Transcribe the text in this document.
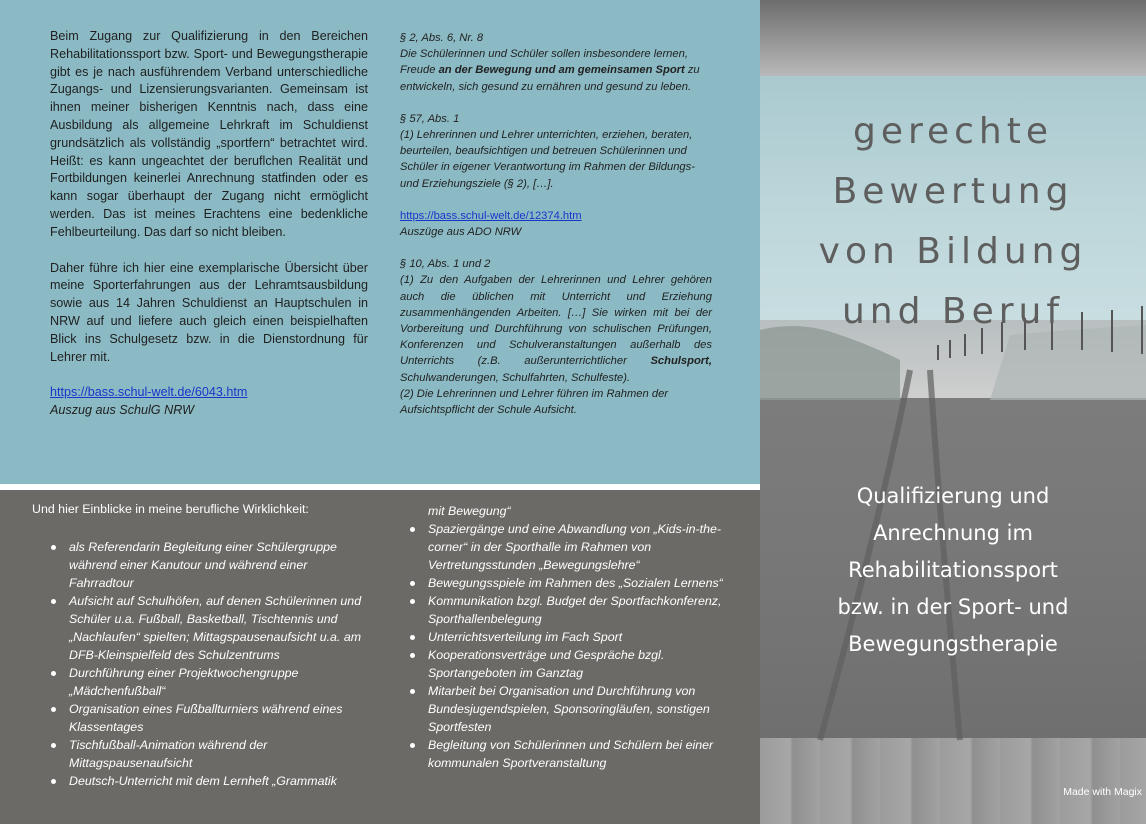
Beim Zugang zur Qualifizierung in den Bereichen Rehabilitationssport bzw. Sport- und Bewegungstherapie gibt es je nach ausführendem Verband unterschiedliche Zugangs- und Lizensierungsvarianten. Gemeinsam ist ihnen meiner bisherigen Kenntnis nach, dass eine Ausbildung als allgemeine Lehrkraft im Schuldienst grundsätzlich als vollständig „sportfern“ betrachtet wird. Heißt: es kann ungeachtet der beruflchen Realität und Fortbildungen keinerlei Anrechnung statfinden oder es kann sogar überhaupt der Zugang nicht ermöglicht werden. Das ist meines Erachtens eine bedenkliche Fehlbeurteilung. Das darf so nicht bleiben.

Daher führe ich hier eine exemplarische Übersicht über meine Sporterfahrungen aus der Lehramtsausbildung sowie aus 14 Jahren Schuldienst an Hauptschulen in NRW auf und liefere auch gleich einen beispielhaften Blick ins Schulgesetz bzw. in die Dienstordnung für Lehrer mit.

https://bass.schul-welt.de/6043.htm

Auszug aus SchulG NRW

§ 2, Abs. 6, Nr. 8

Die Schülerinnen und Schüler sollen insbesondere lernen, Freude an der Bewegung und am gemeinsamen Sport zu entwickeln, sich gesund zu ernähren und gesund zu leben.

§ 57, Abs. 1

(1) Lehrerinnen und Lehrer unterrichten, erziehen, beraten, beurteilen, beaufsichtigen und betreuen Schülerinnen und Schüler in eigener Verantwortung im Rahmen der Bildungs- und Erziehungsziele (§ 2), […].

https://bass.schul-welt.de/12374.htm

Auszüge aus ADO NRW

§ 10, Abs. 1 und 2

(1) Zu den Aufgaben der Lehrerinnen und Lehrer gehören auch die üblichen mit Unterricht und Erziehung zusammenhängenden Arbeiten. […] Sie wirken mit bei der Vorbereitung und Durchführung von schulischen Prüfungen, Konferenzen und Schulveranstaltungen außerhalb des Unterrichts (z.B. außerunterrichtlicher Schulsport, Schulwanderungen, Schulfahrten, Schulfeste).

(2) Die Lehrerinnen und Lehrer führen im Rahmen der Aufsichtspflicht der Schule Aufsicht.

Und hier Einblicke in meine berufliche Wirklichkeit:
als Referendarin Begleitung einer Schülergruppe während einer Kanutour und während einer Fahrradtour
Aufsicht auf Schulhöfen, auf denen Schülerinnen und Schüler u.a. Fußball, Basketball, Tischtennis und „Nachlaufen“ spielten; Mittagspausenaufsicht u.a. am DFB-Kleinspielfeld des Schulzentrums
Durchführung einer Projektwochengruppe „Mädchenfußball“
Organisation eines Fußballturniers während eines Klassentages
Tischfußball-Animation während der Mittagspausenaufsicht
Deutsch-Unterricht mit dem Lernheft „Grammatik
mit Bewegung“
Spaziergänge und eine Abwandlung von „Kids-in-the-corner“ in der Sporthalle im Rahmen von Vertretungsstunden „Bewegungslehre“
Bewegungsspiele im Rahmen des „Sozialen Lernens“
Kommunikation bzgl. Budget der Sportfachkonferenz, Sporthallenbelegung
Unterrichtsverteilung im Fach Sport
Kooperationsverträge und Gespräche bzgl. Sportangeboten im Ganztag
Mitarbeit bei Organisation und Durchführung von Bundesjugendspielen, Sponsoringläufen, sonstigen Sportfesten
Begleitung von Schülerinnen und Schülern bei einer kommunalen Sportveranstaltung
gerechte
Bewertung
von Bildung
und Beruf
Qualifizierung und
Anrechnung im
Rehabilitationssport
bzw. in der Sport- und
Bewegungstherapie
Made with Magix
